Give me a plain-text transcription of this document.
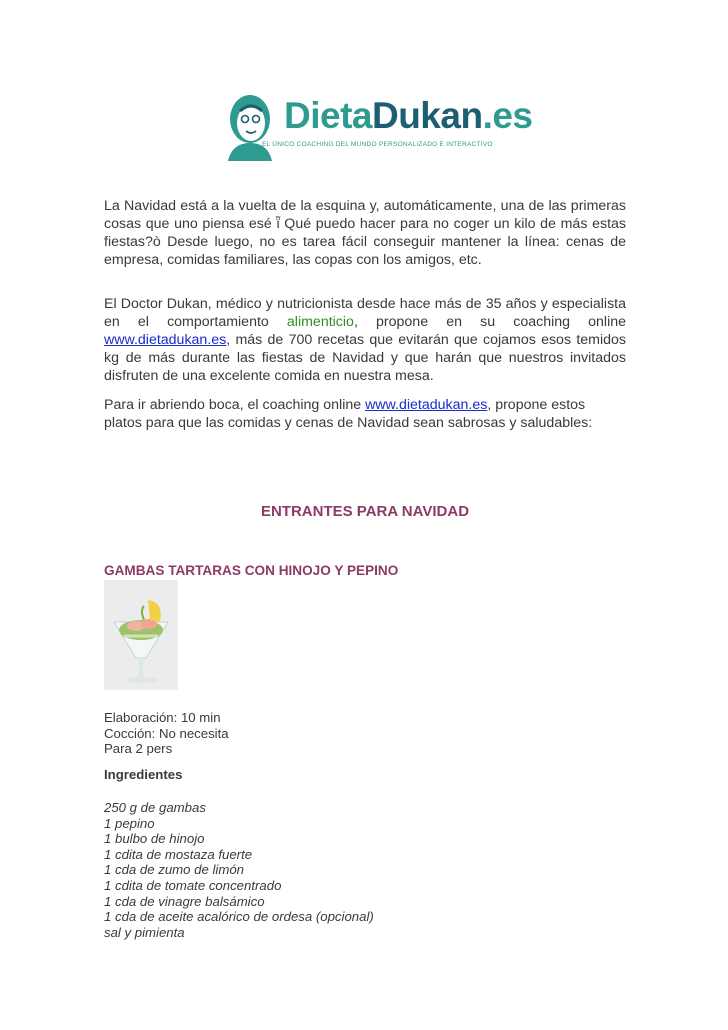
DietaDukan.es
EL ÚNICO COACHING DEL MUNDO PERSONALIZADO E INTERACTIVO

La Navidad está a la vuelta de la esquina y, automáticamente, una de las primeras cosas que uno piensa esé ῗ Qué puedo hacer para no coger un kilo de más estas fiestas?ò Desde luego, no es tarea fácil conseguir mantener la línea: cenas de empresa, comidas familiares, las copas con los amigos, etc.

El Doctor Dukan, médico y nutricionista desde hace más de 35 años y especialista en el comportamiento alimenticio, propone en su coaching online www.dietadukan.es, más de 700 recetas que evitarán que cojamos esos temidos kg de más durante las fiestas de Navidad y que harán que nuestros invitados disfruten de una excelente comida en nuestra mesa.

Para ir abriendo boca, el coaching online www.dietadukan.es, propone estos platos para que las comidas y cenas de Navidad sean sabrosas y saludables:

ENTRANTES PARA NAVIDAD
GAMBAS TARTARAS CON HINOJO Y PEPINO
Elaboración: 10 min
Cocción: No necesita
Para 2 pers
Ingredientes
250 g de gambas
1 pepino
1 bulbo de hinojo
1 cdita de mostaza fuerte
1 cda de zumo de limón
1 cdita de tomate concentrado
1 cda de vinagre balsámico
1 cda de aceite acalórico de ordesa (opcional)
sal y pimienta
